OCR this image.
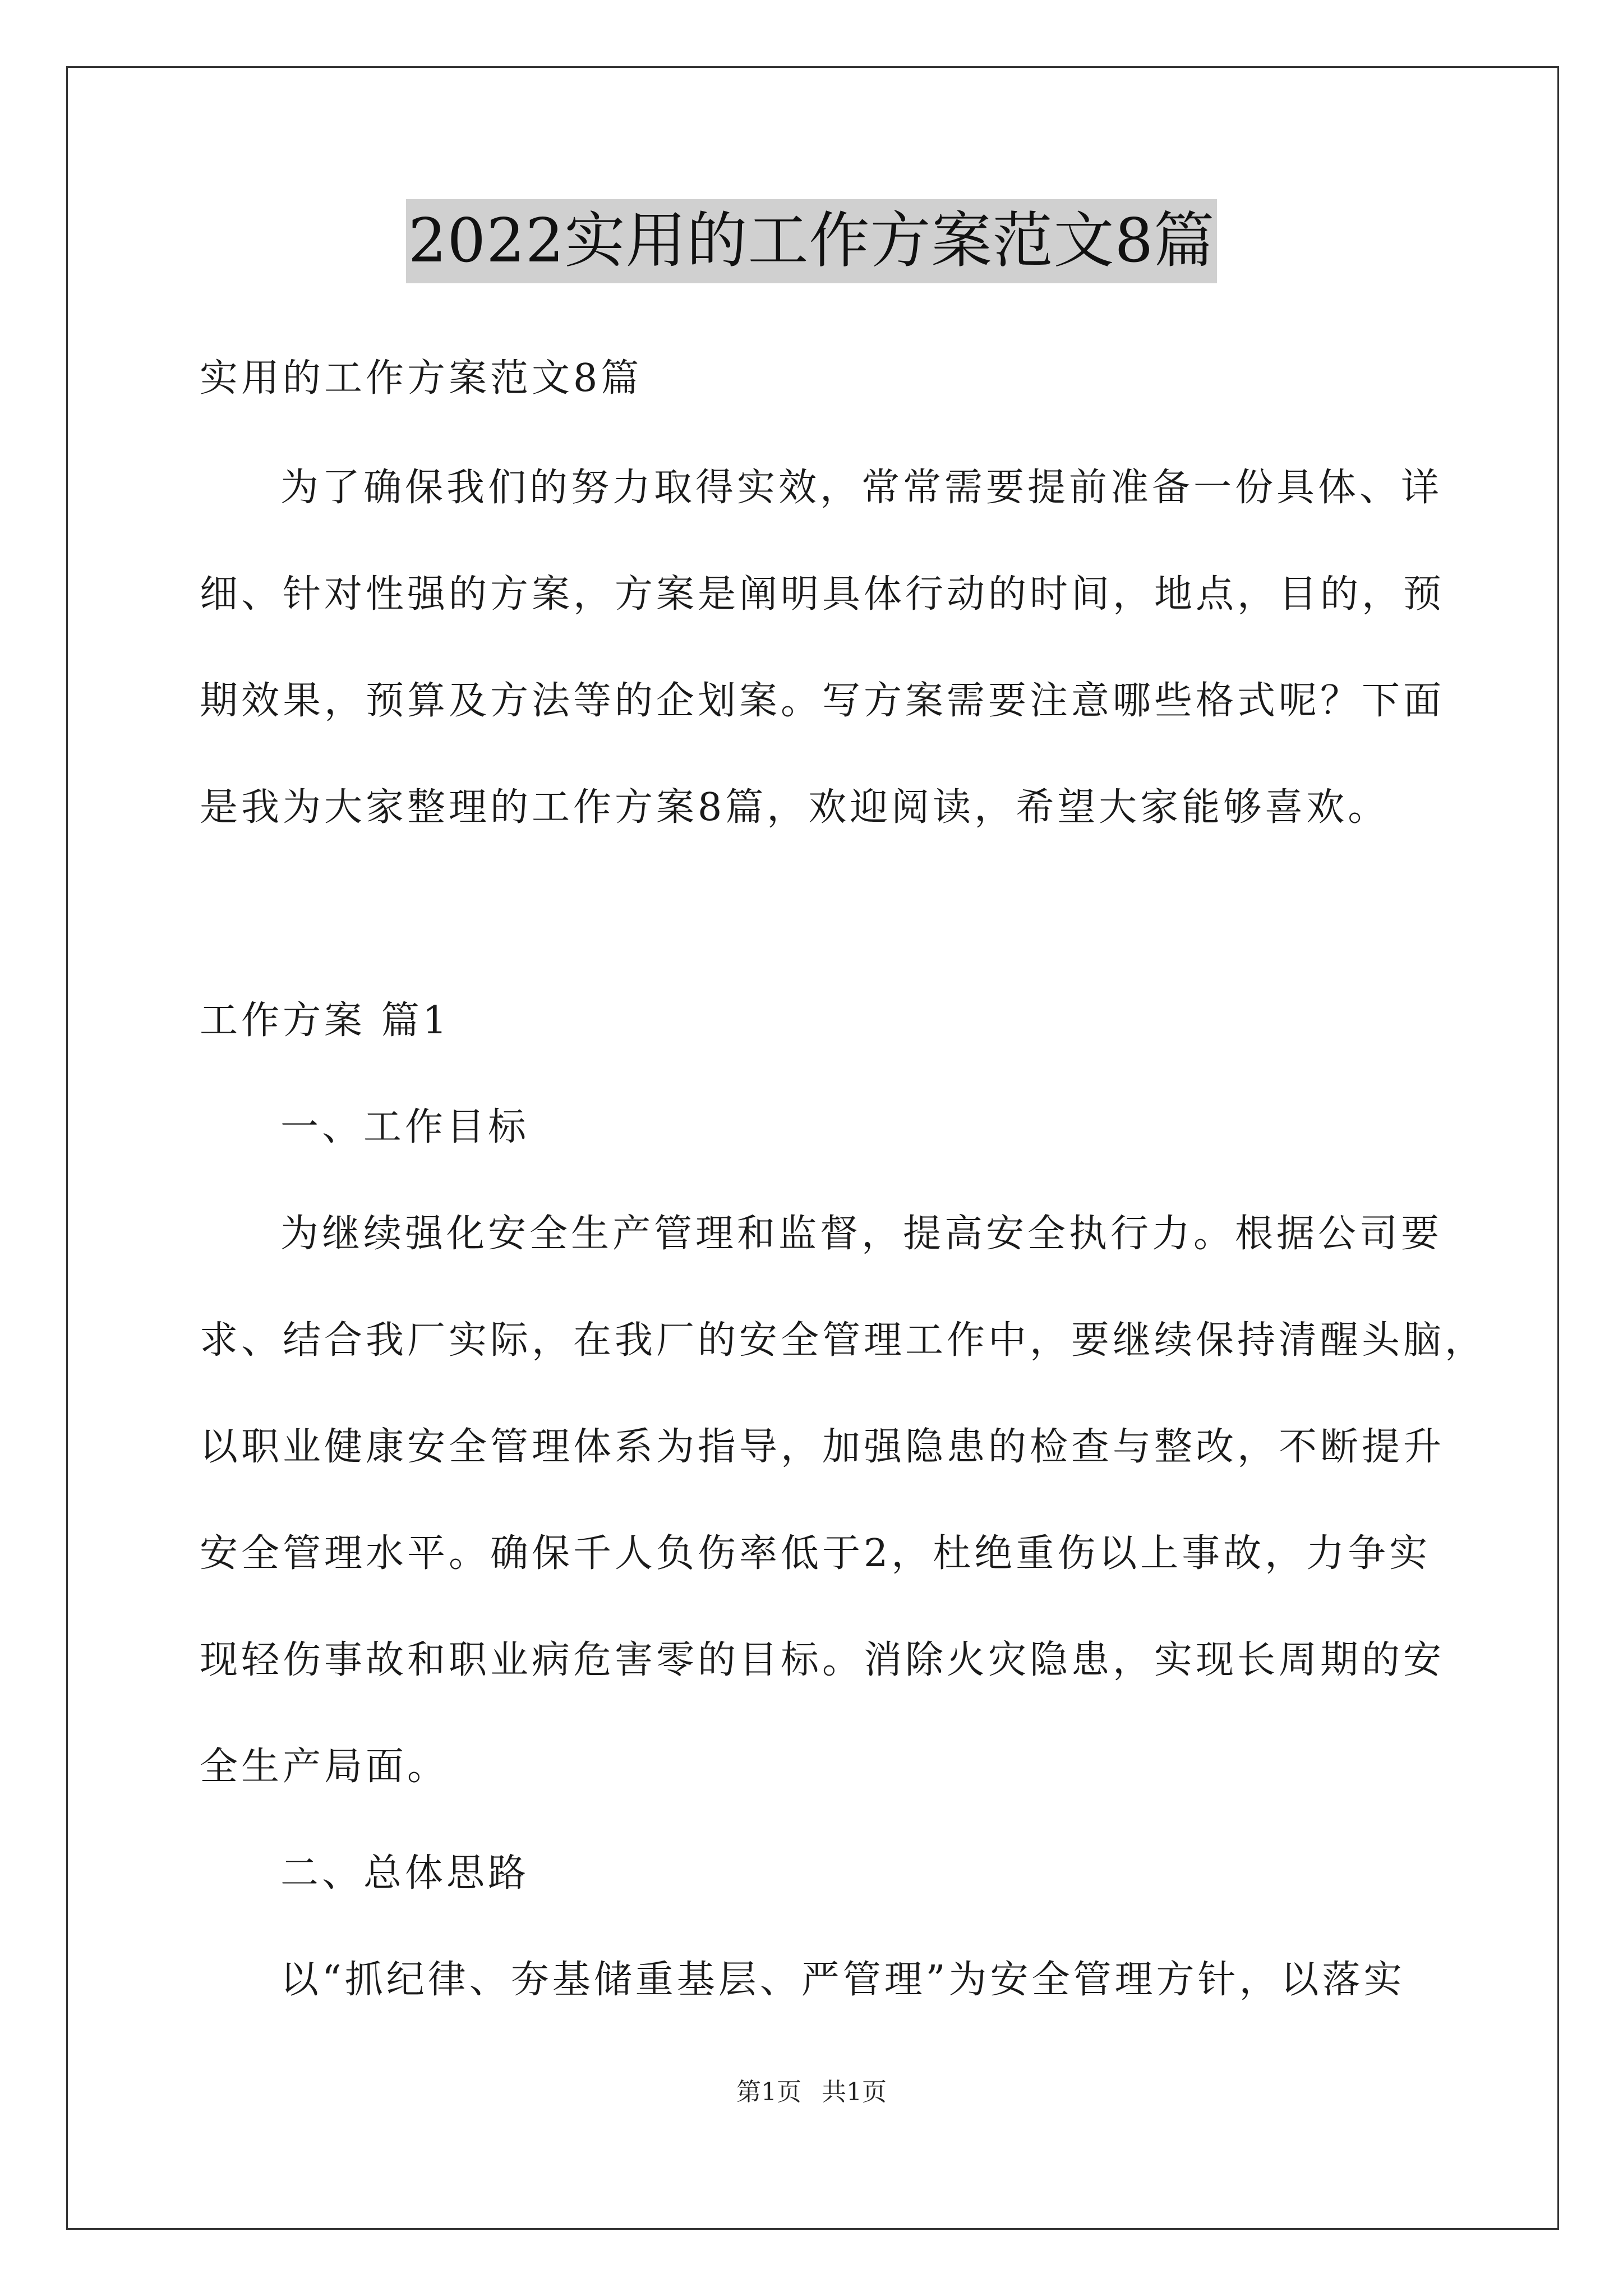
2022实用的工作方案范文8篇
实用的工作方案范文8篇
为了确保我们的努力取得实效，常常需要提前准备一份具体、详
细、针对性强的方案，方案是阐明具体行动的时间，地点，目的，预
期效果，预算及方法等的企划案。写方案需要注意哪些格式呢？下面
是我为大家整理的工作方案8篇，欢迎阅读，希望大家能够喜欢。
工作方案 篇1
一、工作目标
为继续强化安全生产管理和监督，提高安全执行力。根据公司要
求、结合我厂实际，在我厂的安全管理工作中，要继续保持清醒头脑，
以职业健康安全管理体系为指导，加强隐患的检查与整改，不断提升
安全管理水平。确保千人负伤率低于2，杜绝重伤以上事故，力争实
现轻伤事故和职业病危害零的目标。消除火灾隐患，实现长周期的安
全生产局面。
二、总体思路
以“抓纪律、夯基储重基层、严管理”为安全管理方针，以落实
第1页 共1页
